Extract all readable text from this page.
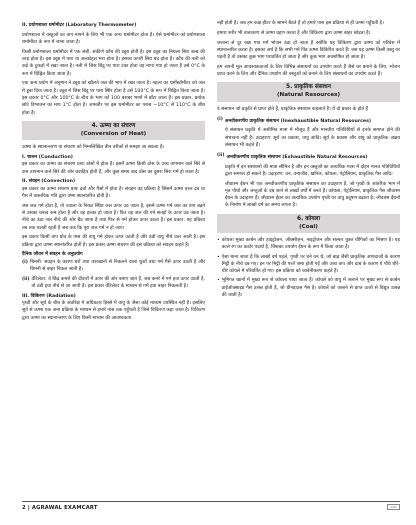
II. प्रयोगशाला थर्मामीटर (Laboratory Thermometer)
प्रयोगशाला में वस्तुओं का ताप मापने के लिए भी एक अन्य थर्मामीटर होता है। ऐसे थर्मामीटर को प्रयोगशाला थर्मामीटर के रूप में जाना जाता है।
किसी प्रयोगशाला थर्मामीटर में एक लंबी, संकीर्ण काँच की ट्यूब होती है। इस ट्यूब का निचला सिरा बल्ब की तरह होता है। इस ट्यूब में पारा या अल्कोहल भरा होता है। इसका ऊपरी सिरा बंद होता है। काँच की नली को कई के टुकड़ों में रखा जाता है। नली में जिस बिंदु पर पारा टंका होता वह मापा गया हो जाता है उसे 0°C के रूप में चिह्नित किया जाता है।
एक अन्य प्रयोग में अनुमान ने ट्यूब को खौलते जल की भाप में रखा जाता है। नहला का थर्मोस्टॉमीटर को जल में डूबा दिया जाता है। ट्यूब में जिस बिंदु पर पारा स्थिर होता है उसे 100°C के रूप में चिह्नित किया जाता है। इस प्रकार 0°C और 100°C के बीच के भाग को 100 बराबर भागों में बाँटा जाता है। इस प्रकार, प्रत्येक छोटे विभाजन का माप 1°C होता है। आमतौर पर इस थर्मामीटर का परास −10°C से 110°C के बीच होता है।
4. ऊष्मा का संचरण
(Conversion of Heat)
ऊष्मा के स्थानान्तरण या संचरण को निम्नलिखित तीन तरीकों से समझा जा सकता है।
I. चालन (Conduction)
इस प्रकार का ऊष्मा का संचरण प्रायः ठोसों में होता है। इसमें ऊष्मा किसी ठोस के उच्च तापमान वाले सिरे से कम तापमान वाले सिरे की ओर प्रवाहित होती है, और कुछ समय बाद ठोस का दूसरा सिरा गर्म हो जाता है।
II. संवहन (Convection)
इस प्रकार का ऊष्मा संचरण प्रायः द्रवों और गैसों में होता है। संवहन वह प्रक्रिया है जिसमें ऊष्मा तरल द्रव या गैस में वास्तविक गति द्वारा उष्मा स्थानांतरित होती है।
जब जल गर्म होता है, तो ज्वाला के निकट स्थित जल ऊपर उठ जाता है, इसमें ऊष्मा गर्म जल का ताप बढ़ने से उसका घनत्व कम होता है और वह हल्का हो जाता है। फिर वह जल की गर्म सतहों के ऊपर उठ जाता है। नीचे का ठंडा जल नीचे की ओर बैठ जाता है तथा फिर से गर्म होकर ऊपर उठता है। इस प्रकार, यह प्रक्रिया तब तक चलती रहती है जब तक कि पूरा जल गर्म न हो जाए।
इस प्रकार किसी ताप प्रोत के पास की वायु गर्म होकर ऊपर उठती है और ठंडी वायु नीचे उतर आती है। इस प्रक्रिया द्वारा ऊष्मा स्थानांतरित होती है। इस प्रकार ऊष्मा संचरण की इस प्रक्रिया को संवहन कहते हैं।
दैनिक जीवन में संवहन के अनुप्रयोग
(i) चिमनी: संवहन के कारण घरों तथा कारखानों से निकलने वाला धुआँ तथा गर्म गैसें ऊपर उठती है और चिमनी से बाहर निकल जाती है।
(ii) वेंटिलेटर: वे छिद्र कमरों की दीवारों में ऊपर की ओर बनाए जाते हैं, जब कमरे में गर्म हवा ऊपर उठती है, तो ठंडी हवा नीचे से आ जाती है। इस प्रकार वेंटिलेटर के माध्यम से गर्म हवा बाहर निकलती है।
III. विकिरण (Radiation)
पृथ्वी और सूर्य के बीच के अंतरिक्ष में अधिकतर हिस्से में वायु के जैसा कोई माध्यम उपस्थित नहीं है। इसलिए सूर्य से ऊष्मा एक अन्य प्रक्रिया के माध्यम से हमारे पास तक पहुँचती है जिसे विकिरण कहा जाता है। विकिरण द्वारा ऊष्मा का स्थानान्तरण के लिए किसी माध्यम की आवश्यकता
नहीं होती है। जब हम कक्ष हीटर के सामने बैठते हैं तो हमारे पास इस प्रक्रिया से ही ऊष्मा पहुँचती है।
हमारा शरीर भी वातावरण से ऊष्मा ग्रहण करता है और विकिरण द्वारा ऊष्मा बाहर छोड़ता है।
जलाना से दूर रखा गया गर्म भोजन ठंडा हो जाता है क्योंकि यह विकिरण द्वारा ऊष्मा को परिवेश में स्थानान्तरित करता है। इसका अर्थ है कि सभी गर्म पिंड ऊष्मा विकिरित करते हैं। जब यह ऊष्मा किसी वस्तु पर पड़ती है तो उसका कुछ भाग परावर्तित हो जाता है और कुछ भाग अवशोषित हो जाता है।
हम अपनी मूल आवश्यकताओं के लिए विभिन्न संसाधनों का उपयोग करते हैं जैसे घर बनाने के लिए, भोजन प्राप्त करने के लिए और दैनिक उपयोग की वस्तुओं को बनाने के लिए संसाधनों का उपयोग करते हैं।
5. प्राकृतिक संसाधन
(Natural Resources)
वे संसाधन जो प्रकृति से प्राप्त होते हैं, प्राकृतिक संसाधन कहलाते हैं। ये दो प्रकार के होते हैं
(i) अनवीकरणीय प्राकृतिक संसाधन (Inexhaustible Natural Resources)
ये संसाधन प्रकृति में असीमित मात्रा में मौजूद हैं और मानवीय गतिविधियों से इनके समाप्त होने की संभावना नहीं है। उदाहरण: सूर्य का प्रकाश, वायु आदि। सूर्य के प्रकाश और वायु को प्राकृतिक अक्षय संसाधन भी कहते हैं।
(ii) अनवीकरणीय प्राकृतिक संसाधन (Exhaustible Natural Resources)
प्रकृति में इन संसाधनों की मात्रा सीमित है और इन वस्तुओं का अत्यधिक मात्रा में दोहन मानव गतिविधियों द्वारा समाप्त हो सकते हैं। उदाहरण: वन, वन्यजीव, खनिज, कोयला, पेट्रोलियम, प्राकृतिक गैस आदि।
जीवाश्म ईंधन भी एक अनवीकरणीय प्राकृतिक संसाधन का उदाहरण है, जो पृथ्वी के आंतरिक भाग में मृत पौधों और जन्तुओं के दब जाने से लाखों वर्षों में बनते हैं। कोयला, पेट्रोलियम, प्राकृतिक गैस जीवाश्म ईंधन के उदाहरण हैं। जीवाश्म ईंधन का अत्यधिक उपयोग पृथ्वी पर वायु प्रदूषण बढ़ाता है। जीवाश्म ईंधनों के निर्माण में लाखों वर्ष का समय लगता है।
6. कोयला
(Coal)
• कोयला मुख्य कार्बन और हाइड्रोजन, ऑक्सीजन, नाइट्रोजन और सल्फर युक्त यौगिकों का मिश्रण है। यह काले रंग का कठोर पदार्थ है, जिसका उपयोग ईंधन के रूप में किया जाता है।
• ऐसा माना जाता है कि लाखों वर्ष पहले, पृथ्वी पर घने वन थे, जो बाढ़ जैसी प्राकृतिक आपदाओं के कारण मिट्टी के नीचे दब गए। इन पर मिट्टी की परतें जमा होती गईं और उच्च ताप और दाब के कारण ये पौधे धीरे-धीरे कोयले में परिवर्तित हो गए। इस प्रक्रिया को कार्बनीकरण कहते हैं।
• भूमिगत खानों में मुख्य रूप से कोयला पाया जाता है। कोयले को वायु में जलाने पर मुख्य रूप से कार्बन डाईऑक्साइड गैस उत्पन्न होती है, जो ग्रीनहाउस गैस है। कोयले को जलाने से प्राप्त ऊर्जा से विद्युत उत्पन्न की जाती है।
2 | AGRAWAL EXAMCART	▭▭
